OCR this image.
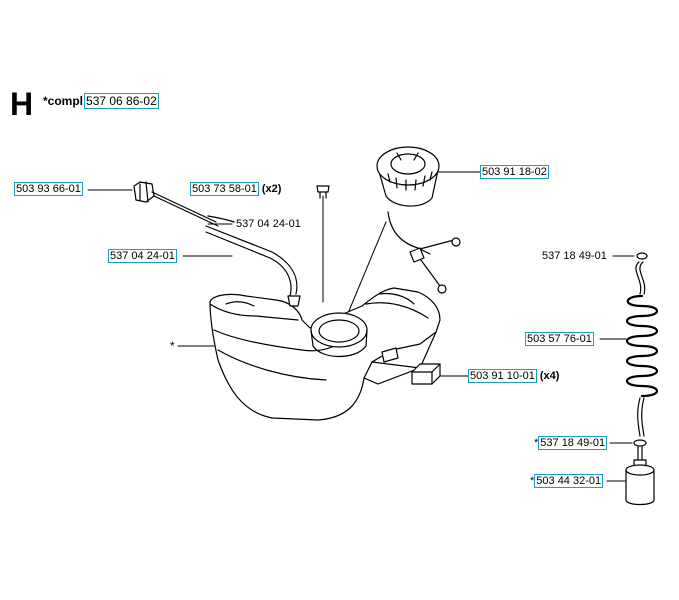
H *compl 537 06 86-02
503 93 66-01	503 73 58-01 (x2)
537 04 24-01
537 04 24-01
503 91 18-02
537 18 49-01
503 57 76-01
503 91 10-01 (x4)
* 537 18 49-01
* 503 44 32-01
*
